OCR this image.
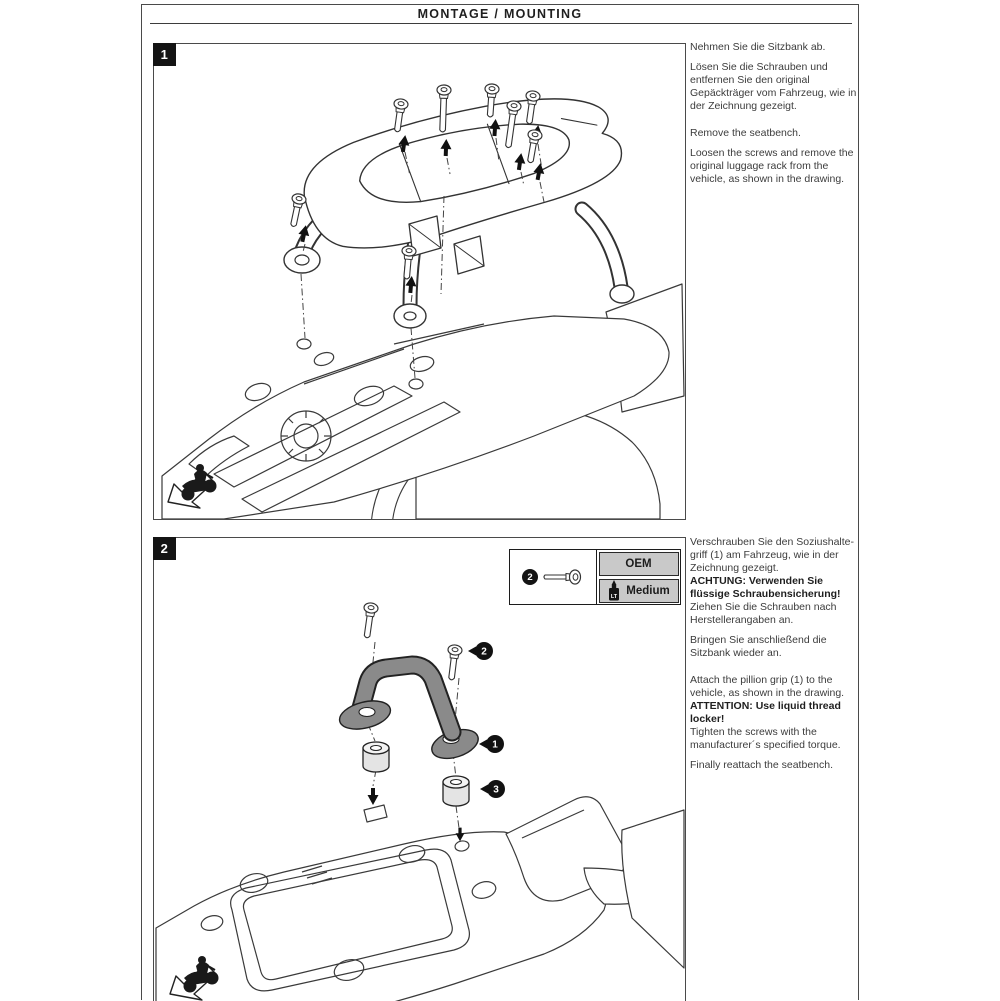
MONTAGE / MOUNTING
1	Nehmen Sie die Sitzbank ab.

Lösen Sie die Schrauben und entfernen Sie den original Gepäckträger vom Fahrzeug, wie in der Zeichnung gezeigt.

Remove the seatbench.

Loosen the screws and remove the original luggage rack from the vehicle, as shown in the drawing.

2
2
OEM
LT
Medium
2
1
3

Verschrauben Sie den Soziushalte-griff (1) am Fahrzeug, wie in der Zeichnung gezeigt.

ACHTUNG: Verwenden Sie flüssige Schraubensicherung!

Ziehen Sie die Schrauben nach Herstellerangaben an.

Bringen Sie anschließend die Sitzbank wieder an.

Attach the pillion grip (1) to the vehicle, as shown in the drawing.

ATTENTION: Use liquid thread locker!

Tighten the screws with the manufacturer´s specified torque.

Finally reattach the seatbench.
